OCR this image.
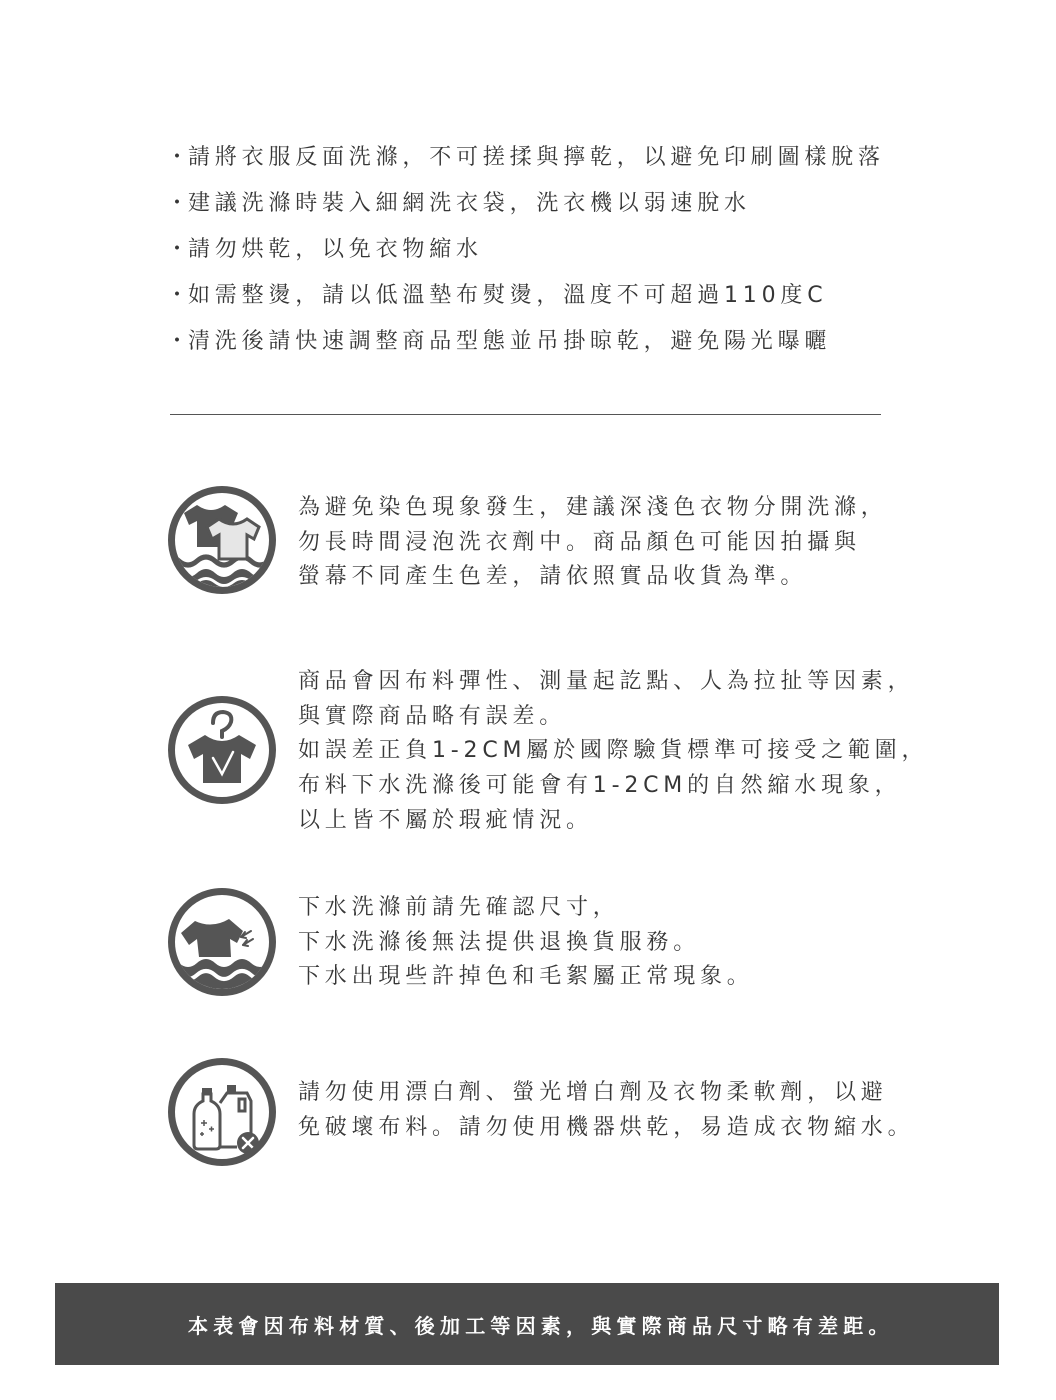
・請將衣服反面洗滌，不可搓揉與擰乾，以避免印刷圖樣脫落
・建議洗滌時裝入細網洗衣袋，洗衣機以弱速脫水
・請勿烘乾，以免衣物縮水
・如需整燙，請以低溫墊布熨燙，溫度不可超過110度C
・清洗後請快速調整商品型態並吊掛晾乾，避免陽光曝曬
為避免染色現象發生，建議深淺色衣物分開洗滌，
勿長時間浸泡洗衣劑中。商品顏色可能因拍攝與
螢幕不同產生色差，請依照實品收貨為準。
商品會因布料彈性、測量起訖點、人為拉扯等因素，
與實際商品略有誤差。
如誤差正負1-2CM屬於國際驗貨標準可接受之範圍，
布料下水洗滌後可能會有1-2CM的自然縮水現象，
以上皆不屬於瑕疵情況。
下水洗滌前請先確認尺寸，
下水洗滌後無法提供退換貨服務。
下水出現些許掉色和毛絮屬正常現象。
請勿使用漂白劑、螢光增白劑及衣物柔軟劑，以避
免破壞布料。請勿使用機器烘乾，易造成衣物縮水。
本表會因布料材質、後加工等因素，與實際商品尺寸略有差距。
